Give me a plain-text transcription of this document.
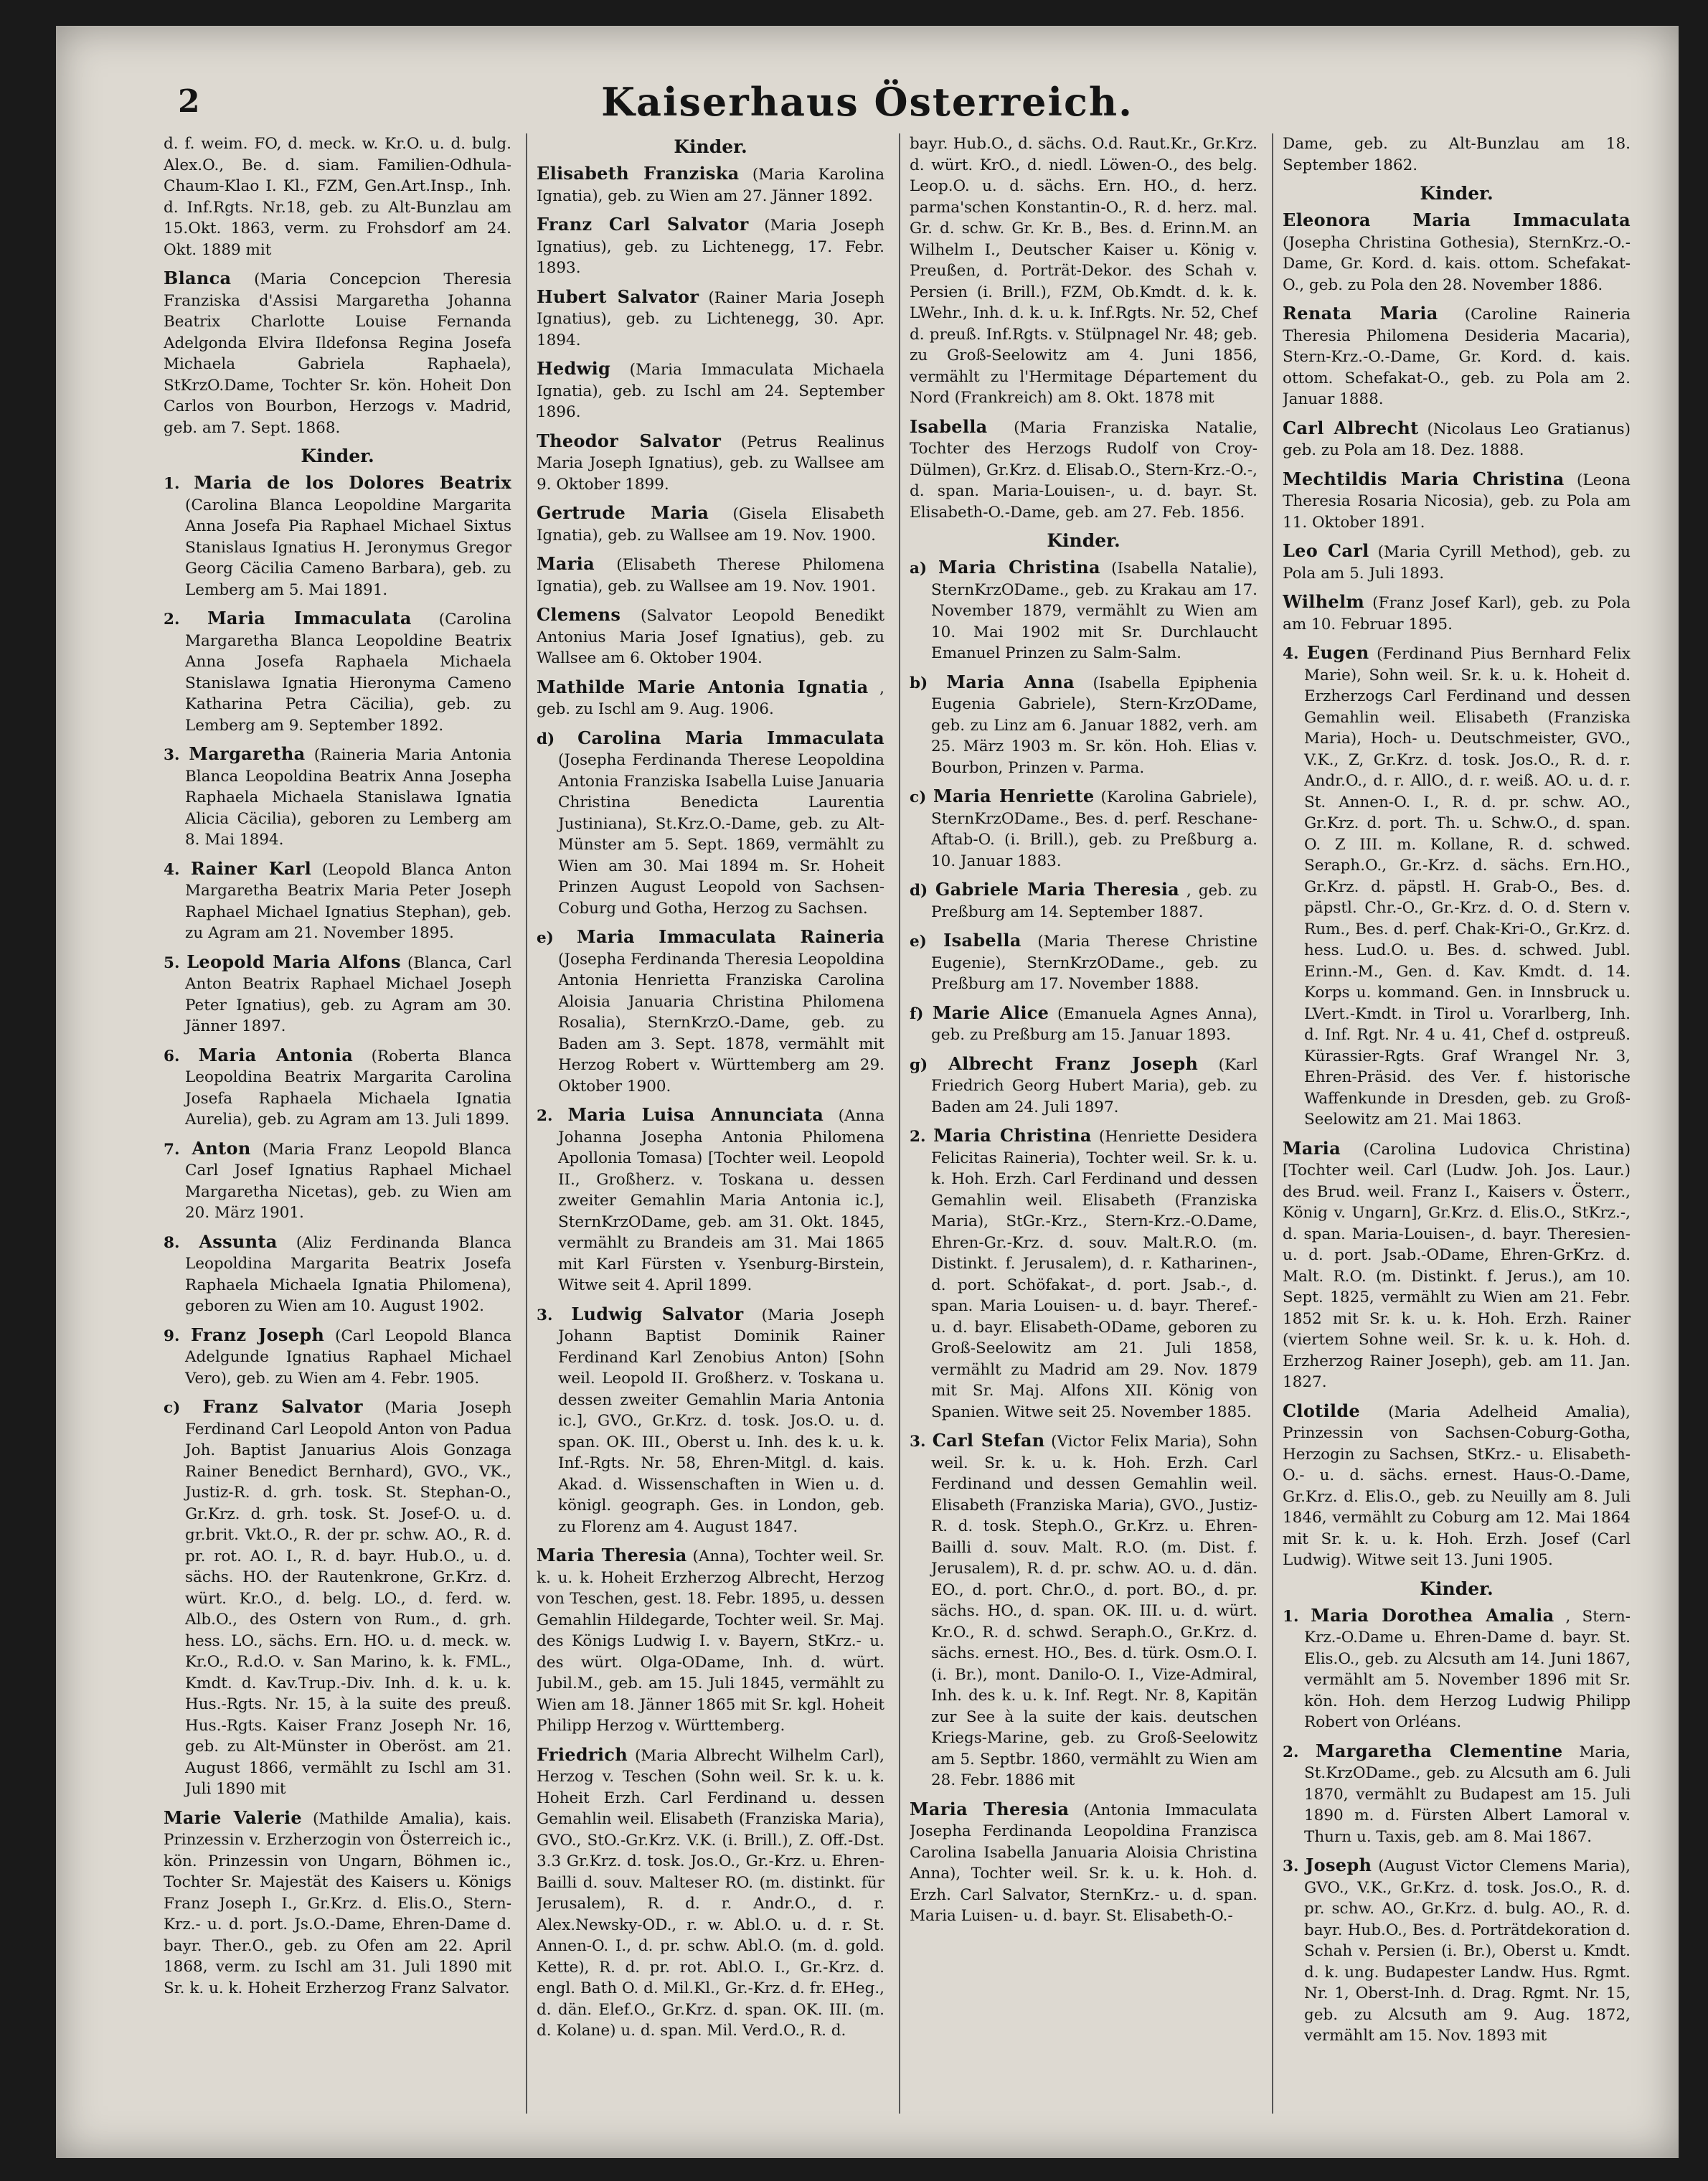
2	Kaiserhaus Österreich.

d. f. weim. FO, d. meck. w. Kr.O. u. d. bulg. Alex.O., Be. d. siam. Familien-Odhula-Chaum-Klao I. Kl., FZM, Gen.Art.Insp., Inh. d. Inf.Rgts. Nr.18, geb. zu Alt-Bunzlau am 15.Okt. 1863, verm. zu Frohsdorf am 24. Okt. 1889 mit

Blanca (Maria Concepcion Theresia Franziska d'Assisi Margaretha Johanna Beatrix Charlotte Louise Fernanda Adelgonda Elvira Ildefonsa Regina Josefa Michaela Gabriela Raphaela), StKrzO.Dame, Tochter Sr. kön. Hoheit Don Carlos von Bourbon, Herzogs v. Madrid, geb. am 7. Sept. 1868.

Kinder.

1. Maria de los Dolores Beatrix (Carolina Blanca Leopoldine Margarita Anna Josefa Pia Raphael Michael Sixtus Stanislaus Ignatius H. Jeronymus Gregor Georg Cäcilia Cameno Barbara), geb. zu Lemberg am 5. Mai 1891.

2. Maria Immaculata (Carolina Margaretha Blanca Leopoldine Beatrix Anna Josefa Raphaela Michaela Stanislawa Ignatia Hieronyma Cameno Katharina Petra Cäcilia), geb. zu Lemberg am 9. September 1892.

3. Margaretha (Raineria Maria Antonia Blanca Leopoldina Beatrix Anna Josepha Raphaela Michaela Stanislawa Ignatia Alicia Cäcilia), geboren zu Lemberg am 8. Mai 1894.

4. Rainer Karl (Leopold Blanca Anton Margaretha Beatrix Maria Peter Joseph Raphael Michael Ignatius Stephan), geb. zu Agram am 21. November 1895.

5. Leopold Maria Alfons (Blanca, Carl Anton Beatrix Raphael Michael Joseph Peter Ignatius), geb. zu Agram am 30. Jänner 1897.

6. Maria Antonia (Roberta Blanca Leopoldina Beatrix Margarita Carolina Josefa Raphaela Michaela Ignatia Aurelia), geb. zu Agram am 13. Juli 1899.

7. Anton (Maria Franz Leopold Blanca Carl Josef Ignatius Raphael Michael Margaretha Nicetas), geb. zu Wien am 20. März 1901.

8. Assunta (Aliz Ferdinanda Blanca Leopoldina Margarita Beatrix Josefa Raphaela Michaela Ignatia Philomena), geboren zu Wien am 10. August 1902.

9. Franz Joseph (Carl Leopold Blanca Adelgunde Ignatius Raphael Michael Vero), geb. zu Wien am 4. Febr. 1905.

c) Franz Salvator (Maria Joseph Ferdinand Carl Leopold Anton von Padua Joh. Baptist Januarius Alois Gonzaga Rainer Benedict Bernhard), GVO., VK., Justiz-R. d. grh. tosk. St. Stephan-O., Gr.Krz. d. grh. tosk. St. Josef-O. u. d. gr.brit. Vkt.O., R. der pr. schw. AO., R. d. pr. rot. AO. I., R. d. bayr. Hub.O., u. d. sächs. HO. der Rautenkrone, Gr.Krz. d. würt. Kr.O., d. belg. LO., d. ferd. w. Alb.O., des Ostern von Rum., d. grh. hess. LO., sächs. Ern. HO. u. d. meck. w. Kr.O., R.d.O. v. San Marino, k. k. FML., Kmdt. d. Kav.Trup.-Div. Inh. d. k. u. k. Hus.-Rgts. Nr. 15, à la suite des preuß. Hus.-Rgts. Kaiser Franz Joseph Nr. 16, geb. zu Alt-Münster in Oberöst. am 21. August 1866, vermählt zu Ischl am 31. Juli 1890 mit

Marie Valerie (Mathilde Amalia), kais. Prinzessin v. Erzherzogin von Österreich ic., kön. Prinzessin von Ungarn, Böhmen ic., Tochter Sr. Majestät des Kaisers u. Königs Franz Joseph I., Gr.Krz. d. Elis.O., Stern-Krz.- u. d. port. Js.O.-Dame, Ehren-Dame d. bayr. Ther.O., geb. zu Ofen am 22. April 1868, verm. zu Ischl am 31. Juli 1890 mit Sr. k. u. k. Hoheit Erzherzog Franz Salvator.

Kinder.

Elisabeth Franziska (Maria Karolina Ignatia), geb. zu Wien am 27. Jänner 1892.

Franz Carl Salvator (Maria Joseph Ignatius), geb. zu Lichtenegg, 17. Febr. 1893.

Hubert Salvator (Rainer Maria Joseph Ignatius), geb. zu Lichtenegg, 30. Apr. 1894.

Hedwig (Maria Immaculata Michaela Ignatia), geb. zu Ischl am 24. September 1896.

Theodor Salvator (Petrus Realinus Maria Joseph Ignatius), geb. zu Wallsee am 9. Oktober 1899.

Gertrude Maria (Gisela Elisabeth Ignatia), geb. zu Wallsee am 19. Nov. 1900.

Maria (Elisabeth Therese Philomena Ignatia), geb. zu Wallsee am 19. Nov. 1901.

Clemens (Salvator Leopold Benedikt Antonius Maria Josef Ignatius), geb. zu Wallsee am 6. Oktober 1904.

Mathilde Marie Antonia Ignatia , geb. zu Ischl am 9. Aug. 1906.

d) Carolina Maria Immaculata (Josepha Ferdinanda Therese Leopoldina Antonia Franziska Isabella Luise Januaria Christina Benedicta Laurentia Justiniana), St.Krz.O.-Dame, geb. zu Alt-Münster am 5. Sept. 1869, vermählt zu Wien am 30. Mai 1894 m. Sr. Hoheit Prinzen August Leopold von Sachsen-Coburg und Gotha, Herzog zu Sachsen.

e) Maria Immaculata Raineria (Josepha Ferdinanda Theresia Leopoldina Antonia Henrietta Franziska Carolina Aloisia Januaria Christina Philomena Rosalia), SternKrzO.-Dame, geb. zu Baden am 3. Sept. 1878, vermählt mit Herzog Robert v. Württemberg am 29. Oktober 1900.

2. Maria Luisa Annunciata (Anna Johanna Josepha Antonia Philomena Apollonia Tomasa) [Tochter weil. Leopold II., Großherz. v. Toskana u. dessen zweiter Gemahlin Maria Antonia ic.], SternKrzODame, geb. am 31. Okt. 1845, vermählt zu Brandeis am 31. Mai 1865 mit Karl Fürsten v. Ysenburg-Birstein, Witwe seit 4. April 1899.

3. Ludwig Salvator (Maria Joseph Johann Baptist Dominik Rainer Ferdinand Karl Zenobius Anton) [Sohn weil. Leopold II. Großherz. v. Toskana u. dessen zweiter Gemahlin Maria Antonia ic.], GVO., Gr.Krz. d. tosk. Jos.O. u. d. span. OK. III., Oberst u. Inh. des k. u. k. Inf.-Rgts. Nr. 58, Ehren-Mitgl. d. kais. Akad. d. Wissenschaften in Wien u. d. königl. geograph. Ges. in London, geb. zu Florenz am 4. August 1847.

Maria Theresia (Anna), Tochter weil. Sr. k. u. k. Hoheit Erzherzog Albrecht, Herzog von Teschen, gest. 18. Febr. 1895, u. dessen Gemahlin Hildegarde, Tochter weil. Sr. Maj. des Königs Ludwig I. v. Bayern, StKrz.- u. des würt. Olga-ODame, Inh. d. würt. Jubil.M., geb. am 15. Juli 1845, vermählt zu Wien am 18. Jänner 1865 mit Sr. kgl. Hoheit Philipp Herzog v. Württemberg.

Friedrich (Maria Albrecht Wilhelm Carl), Herzog v. Teschen (Sohn weil. Sr. k. u. k. Hoheit Erzh. Carl Ferdinand u. dessen Gemahlin weil. Elisabeth (Franziska Maria), GVO., StO.-Gr.Krz. V.K. (i. Brill.), Z. Off.-Dst. 3.3 Gr.Krz. d. tosk. Jos.O., Gr.-Krz. u. Ehren-Bailli d. souv. Malteser RO. (m. distinkt. für Jerusalem), R. d. r. Andr.O., d. r. Alex.Newsky-OD., r. w. Abl.O. u. d. r. St. Annen-O. I., d. pr. schw. Abl.O. (m. d. gold. Kette), R. d. pr. rot. Abl.O. I., Gr.-Krz. d. engl. Bath O. d. Mil.Kl., Gr.-Krz. d. fr. EHeg., d. dän. Elef.O., Gr.Krz. d. span. OK. III. (m. d. Kolane) u. d. span. Mil. Verd.O., R. d.

bayr. Hub.O., d. sächs. O.d. Raut.Kr., Gr.Krz. d. würt. KrO., d. niedl. Löwen-O., des belg. Leop.O. u. d. sächs. Ern. HO., d. herz. parma'schen Konstantin-O., R. d. herz. mal. Gr. d. schw. Gr. Kr. B., Bes. d. Erinn.M. an Wilhelm I., Deutscher Kaiser u. König v. Preußen, d. Porträt-Dekor. des Schah v. Persien (i. Brill.), FZM, Ob.Kmdt. d. k. k. LWehr., Inh. d. k. u. k. Inf.Rgts. Nr. 52, Chef d. preuß. Inf.Rgts. v. Stülpnagel Nr. 48; geb. zu Groß-Seelowitz am 4. Juni 1856, vermählt zu l'Hermitage Département du Nord (Frankreich) am 8. Okt. 1878 mit

Isabella (Maria Franziska Natalie, Tochter des Herzogs Rudolf von Croy-Dülmen), Gr.Krz. d. Elisab.O., Stern-Krz.-O.-, d. span. Maria-Louisen-, u. d. bayr. St. Elisabeth-O.-Dame, geb. am 27. Feb. 1856.

Kinder.

a) Maria Christina (Isabella Natalie), SternKrzODame., geb. zu Krakau am 17. November 1879, vermählt zu Wien am 10. Mai 1902 mit Sr. Durchlaucht Emanuel Prinzen zu Salm-Salm.

b) Maria Anna (Isabella Epiphenia Eugenia Gabriele), Stern-KrzODame, geb. zu Linz am 6. Januar 1882, verh. am 25. März 1903 m. Sr. kön. Hoh. Elias v. Bourbon, Prinzen v. Parma.

c) Maria Henriette (Karolina Gabriele), SternKrzODame., Bes. d. perf. Reschane-Aftab-O. (i. Brill.), geb. zu Preßburg a. 10. Januar 1883.

d) Gabriele Maria Theresia , geb. zu Preßburg am 14. September 1887.

e) Isabella (Maria Therese Christine Eugenie), SternKrzODame., geb. zu Preßburg am 17. November 1888.

f) Marie Alice (Emanuela Agnes Anna), geb. zu Preßburg am 15. Januar 1893.

g) Albrecht Franz Joseph (Karl Friedrich Georg Hubert Maria), geb. zu Baden am 24. Juli 1897.

2. Maria Christina (Henriette Desidera Felicitas Raineria), Tochter weil. Sr. k. u. k. Hoh. Erzh. Carl Ferdinand und dessen Gemahlin weil. Elisabeth (Franziska Maria), StGr.-Krz., Stern-Krz.-O.Dame, Ehren-Gr.-Krz. d. souv. Malt.R.O. (m. Distinkt. f. Jerusalem), d. r. Katharinen-, d. port. Schöfakat-, d. port. Jsab.-, d. span. Maria Louisen- u. d. bayr. Theref.- u. d. bayr. Elisabeth-ODame, geboren zu Groß-Seelowitz am 21. Juli 1858, vermählt zu Madrid am 29. Nov. 1879 mit Sr. Maj. Alfons XII. König von Spanien. Witwe seit 25. November 1885.

3. Carl Stefan (Victor Felix Maria), Sohn weil. Sr. k. u. k. Hoh. Erzh. Carl Ferdinand und dessen Gemahlin weil. Elisabeth (Franziska Maria), GVO., Justiz-R. d. tosk. Steph.O., Gr.Krz. u. Ehren-Bailli d. souv. Malt. R.O. (m. Dist. f. Jerusalem), R. d. pr. schw. AO. u. d. dän. EO., d. port. Chr.O., d. port. BO., d. pr. sächs. HO., d. span. OK. III. u. d. würt. Kr.O., R. d. schwd. Seraph.O., Gr.Krz. d. sächs. ernest. HO., Bes. d. türk. Osm.O. I. (i. Br.), mont. Danilo-O. I., Vize-Admiral, Inh. des k. u. k. Inf. Regt. Nr. 8, Kapitän zur See à la suite der kais. deutschen Kriegs-Marine, geb. zu Groß-Seelowitz am 5. Septbr. 1860, vermählt zu Wien am 28. Febr. 1886 mit

Maria Theresia (Antonia Immaculata Josepha Ferdinanda Leopoldina Franzisca Carolina Isabella Januaria Aloisia Christina Anna), Tochter weil. Sr. k. u. k. Hoh. d. Erzh. Carl Salvator, SternKrz.- u. d. span. Maria Luisen- u. d. bayr. St. Elisabeth-O.-

Dame, geb. zu Alt-Bunzlau am 18. September 1862.

Kinder.

Eleonora Maria Immaculata (Josepha Christina Gothesia), SternKrz.-O.-Dame, Gr. Kord. d. kais. ottom. Schefakat-O., geb. zu Pola den 28. November 1886.

Renata Maria (Caroline Raineria Theresia Philomena Desideria Macaria), Stern-Krz.-O.-Dame, Gr. Kord. d. kais. ottom. Schefakat-O., geb. zu Pola am 2. Januar 1888.

Carl Albrecht (Nicolaus Leo Gratianus) geb. zu Pola am 18. Dez. 1888.

Mechtildis Maria Christina (Leona Theresia Rosaria Nicosia), geb. zu Pola am 11. Oktober 1891.

Leo Carl (Maria Cyrill Method), geb. zu Pola am 5. Juli 1893.

Wilhelm (Franz Josef Karl), geb. zu Pola am 10. Februar 1895.

4. Eugen (Ferdinand Pius Bernhard Felix Marie), Sohn weil. Sr. k. u. k. Hoheit d. Erzherzogs Carl Ferdinand und dessen Gemahlin weil. Elisabeth (Franziska Maria), Hoch- u. Deutschmeister, GVO., V.K., Z, Gr.Krz. d. tosk. Jos.O., R. d. r. Andr.O., d. r. AllO., d. r. weiß. AO. u. d. r. St. Annen-O. I., R. d. pr. schw. AO., Gr.Krz. d. port. Th. u. Schw.O., d. span. O. Z III. m. Kollane, R. d. schwed. Seraph.O., Gr.-Krz. d. sächs. Ern.HO., Gr.Krz. d. päpstl. H. Grab-O., Bes. d. päpstl. Chr.-O., Gr.-Krz. d. O. d. Stern v. Rum., Bes. d. perf. Chak-Kri-O., Gr.Krz. d. hess. Lud.O. u. Bes. d. schwed. Jubl. Erinn.-M., Gen. d. Kav. Kmdt. d. 14. Korps u. kommand. Gen. in Innsbruck u. LVert.-Kmdt. in Tirol u. Vorarlberg, Inh. d. Inf. Rgt. Nr. 4 u. 41, Chef d. ostpreuß. Kürassier-Rgts. Graf Wrangel Nr. 3, Ehren-Präsid. des Ver. f. historische Waffenkunde in Dresden, geb. zu Groß-Seelowitz am 21. Mai 1863.

Maria (Carolina Ludovica Christina) [Tochter weil. Carl (Ludw. Joh. Jos. Laur.) des Brud. weil. Franz I., Kaisers v. Österr., König v. Ungarn], Gr.Krz. d. Elis.O., StKrz.-, d. span. Maria-Louisen-, d. bayr. Theresien- u. d. port. Jsab.-ODame, Ehren-GrKrz. d. Malt. R.O. (m. Distinkt. f. Jerus.), am 10. Sept. 1825, vermählt zu Wien am 21. Febr. 1852 mit Sr. k. u. k. Hoh. Erzh. Rainer (viertem Sohne weil. Sr. k. u. k. Hoh. d. Erzherzog Rainer Joseph), geb. am 11. Jan. 1827.

Clotilde (Maria Adelheid Amalia), Prinzessin von Sachsen-Coburg-Gotha, Herzogin zu Sachsen, StKrz.- u. Elisabeth-O.- u. d. sächs. ernest. Haus-O.-Dame, Gr.Krz. d. Elis.O., geb. zu Neuilly am 8. Juli 1846, vermählt zu Coburg am 12. Mai 1864 mit Sr. k. u. k. Hoh. Erzh. Josef (Carl Ludwig). Witwe seit 13. Juni 1905.

Kinder.

1. Maria Dorothea Amalia , Stern-Krz.-O.Dame u. Ehren-Dame d. bayr. St. Elis.O., geb. zu Alcsuth am 14. Juni 1867, vermählt am 5. November 1896 mit Sr. kön. Hoh. dem Herzog Ludwig Philipp Robert von Orléans.

2. Margaretha Clementine Maria, St.KrzODame., geb. zu Alcsuth am 6. Juli 1870, vermählt zu Budapest am 15. Juli 1890 m. d. Fürsten Albert Lamoral v. Thurn u. Taxis, geb. am 8. Mai 1867.

3. Joseph (August Victor Clemens Maria), GVO., V.K., Gr.Krz. d. tosk. Jos.O., R. d. pr. schw. AO., Gr.Krz. d. bulg. AO., R. d. bayr. Hub.O., Bes. d. Porträtdekoration d. Schah v. Persien (i. Br.), Oberst u. Kmdt. d. k. ung. Budapester Landw. Hus. Rgmt. Nr. 1, Oberst-Inh. d. Drag. Rgmt. Nr. 15, geb. zu Alcsuth am 9. Aug. 1872, vermählt am 15. Nov. 1893 mit
